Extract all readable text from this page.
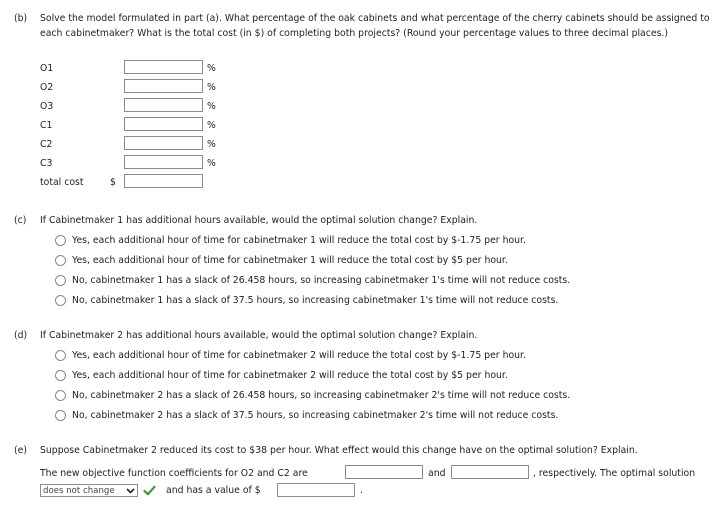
(b) Solve the model formulated in part (a). What percentage of the oak cabinets and what percentage of the cherry cabinets should be assigned to each cabinetmaker? What is the total cost (in $) of completing both projects? (Round your percentage values to three decimal places.)
O1	%
O2	%
O3	%
C1	%
C2	%
C3	%
total cost	$
(c) If Cabinetmaker 1 has additional hours available, would the optimal solution change? Explain.
Yes, each additional hour of time for cabinetmaker 1 will reduce the total cost by $-1.75 per hour.
Yes, each additional hour of time for cabinetmaker 1 will reduce the total cost by $5 per hour.
No, cabinetmaker 1 has a slack of 26.458 hours, so increasing cabinetmaker 1's time will not reduce costs.
No, cabinetmaker 1 has a slack of 37.5 hours, so increasing cabinetmaker 1's time will not reduce costs.
(d) If Cabinetmaker 2 has additional hours available, would the optimal solution change? Explain.
Yes, each additional hour of time for cabinetmaker 2 will reduce the total cost by $-1.75 per hour.
Yes, each additional hour of time for cabinetmaker 2 will reduce the total cost by $5 per hour.
No, cabinetmaker 2 has a slack of 26.458 hours, so increasing cabinetmaker 2's time will not reduce costs.
No, cabinetmaker 2 has a slack of 37.5 hours, so increasing cabinetmaker 2's time will not reduce costs.
(e) Suppose Cabinetmaker 2 reduced its cost to $38 per hour. What effect would this change have on the optimal solution? Explain.
The new objective function coefficients for O2 and C2 are	and	, respectively. The optimal solution
does not change	and has a value of $	.
